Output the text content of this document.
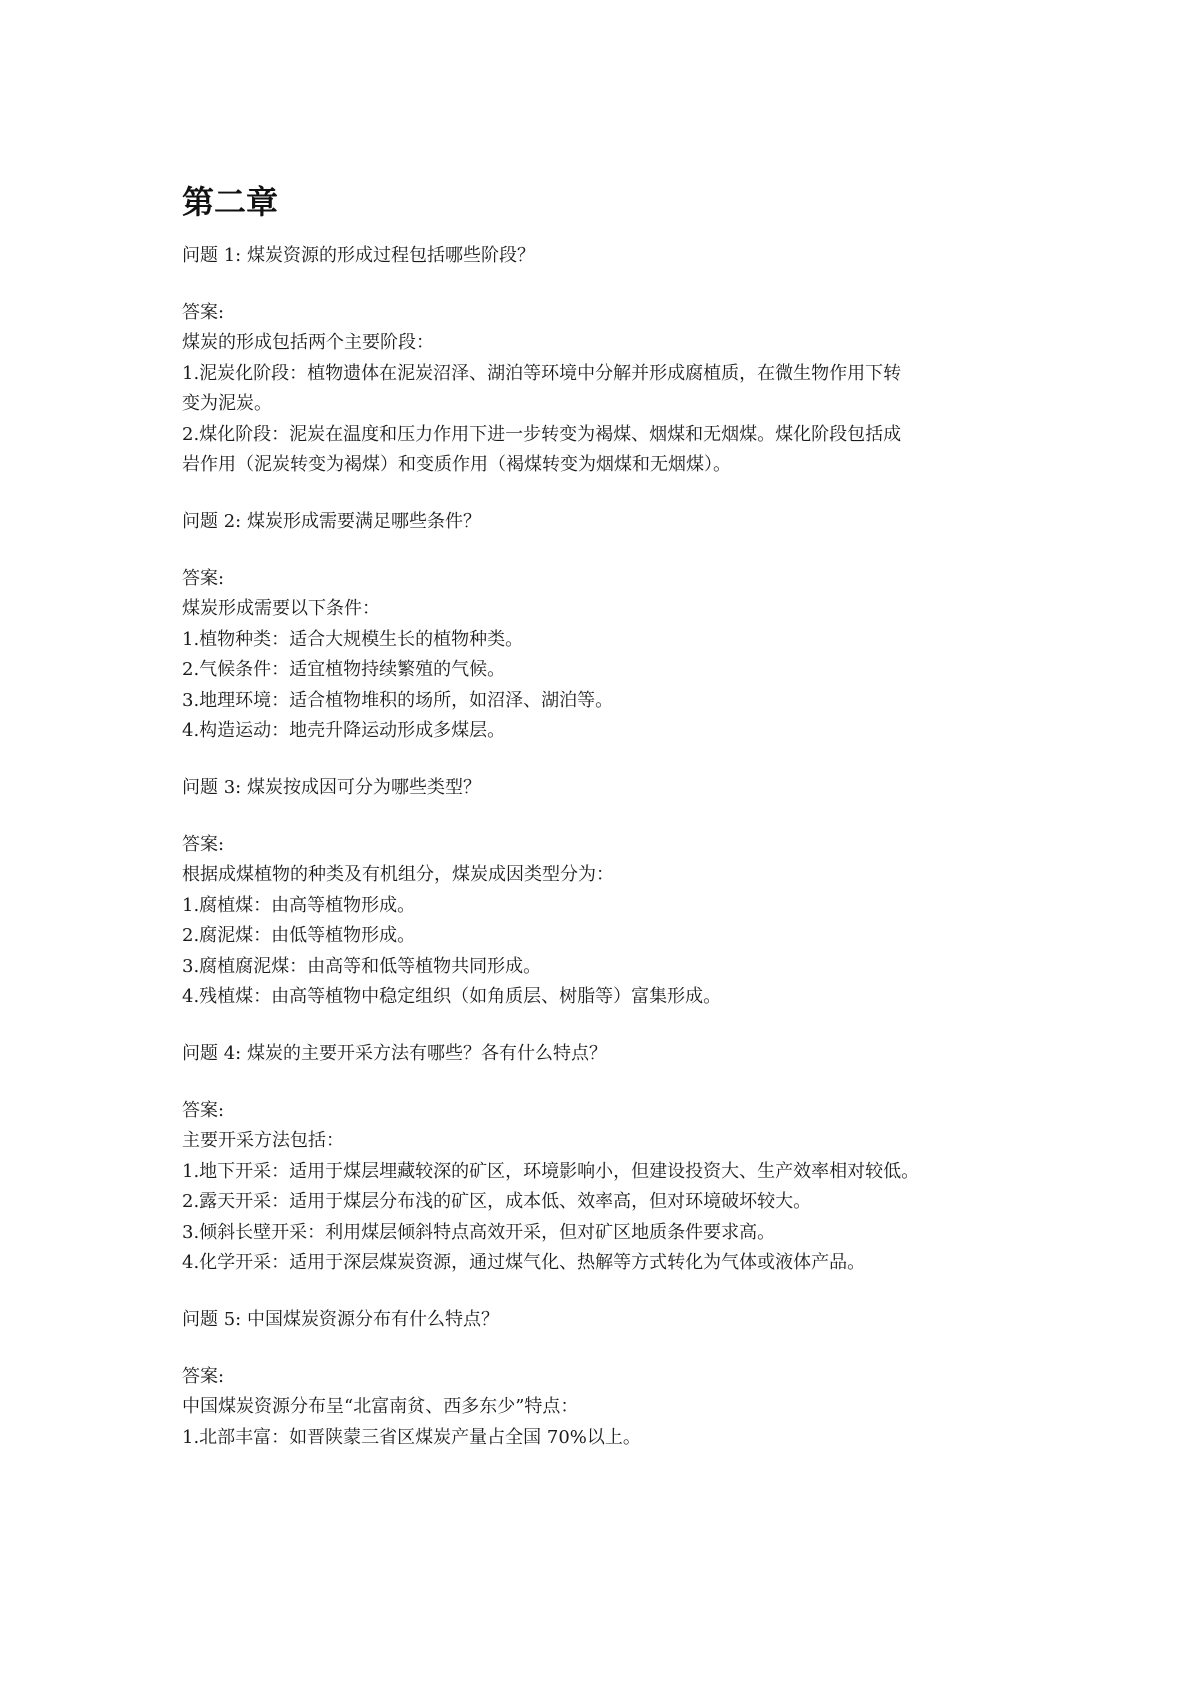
第二章
问题 1: 煤炭资源的形成过程包括哪些阶段？
答案:
煤炭的形成包括两个主要阶段：
1.泥炭化阶段：植物遗体在泥炭沼泽、湖泊等环境中分解并形成腐植质，在微生物作用下转
变为泥炭。
2.煤化阶段：泥炭在温度和压力作用下进一步转变为褐煤、烟煤和无烟煤。煤化阶段包括成
岩作用（泥炭转变为褐煤）和变质作用（褐煤转变为烟煤和无烟煤）。
问题 2: 煤炭形成需要满足哪些条件？
答案:
煤炭形成需要以下条件：
1.植物种类：适合大规模生长的植物种类。
2.气候条件：适宜植物持续繁殖的气候。
3.地理环境：适合植物堆积的场所，如沼泽、湖泊等。
4.构造运动：地壳升降运动形成多煤层。
问题 3: 煤炭按成因可分为哪些类型？
答案:
根据成煤植物的种类及有机组分，煤炭成因类型分为：
1.腐植煤：由高等植物形成。
2.腐泥煤：由低等植物形成。
3.腐植腐泥煤：由高等和低等植物共同形成。
4.残植煤：由高等植物中稳定组织（如角质层、树脂等）富集形成。
问题 4: 煤炭的主要开采方法有哪些？各有什么特点？
答案:
主要开采方法包括：
1.地下开采：适用于煤层埋藏较深的矿区，环境影响小，但建设投资大、生产效率相对较低。
2.露天开采：适用于煤层分布浅的矿区，成本低、效率高，但对环境破坏较大。
3.倾斜长壁开采：利用煤层倾斜特点高效开采，但对矿区地质条件要求高。
4.化学开采：适用于深层煤炭资源，通过煤气化、热解等方式转化为气体或液体产品。
问题 5: 中国煤炭资源分布有什么特点？
答案:
中国煤炭资源分布呈“北富南贫、西多东少”特点：
1.北部丰富：如晋陕蒙三省区煤炭产量占全国 70%以上。
